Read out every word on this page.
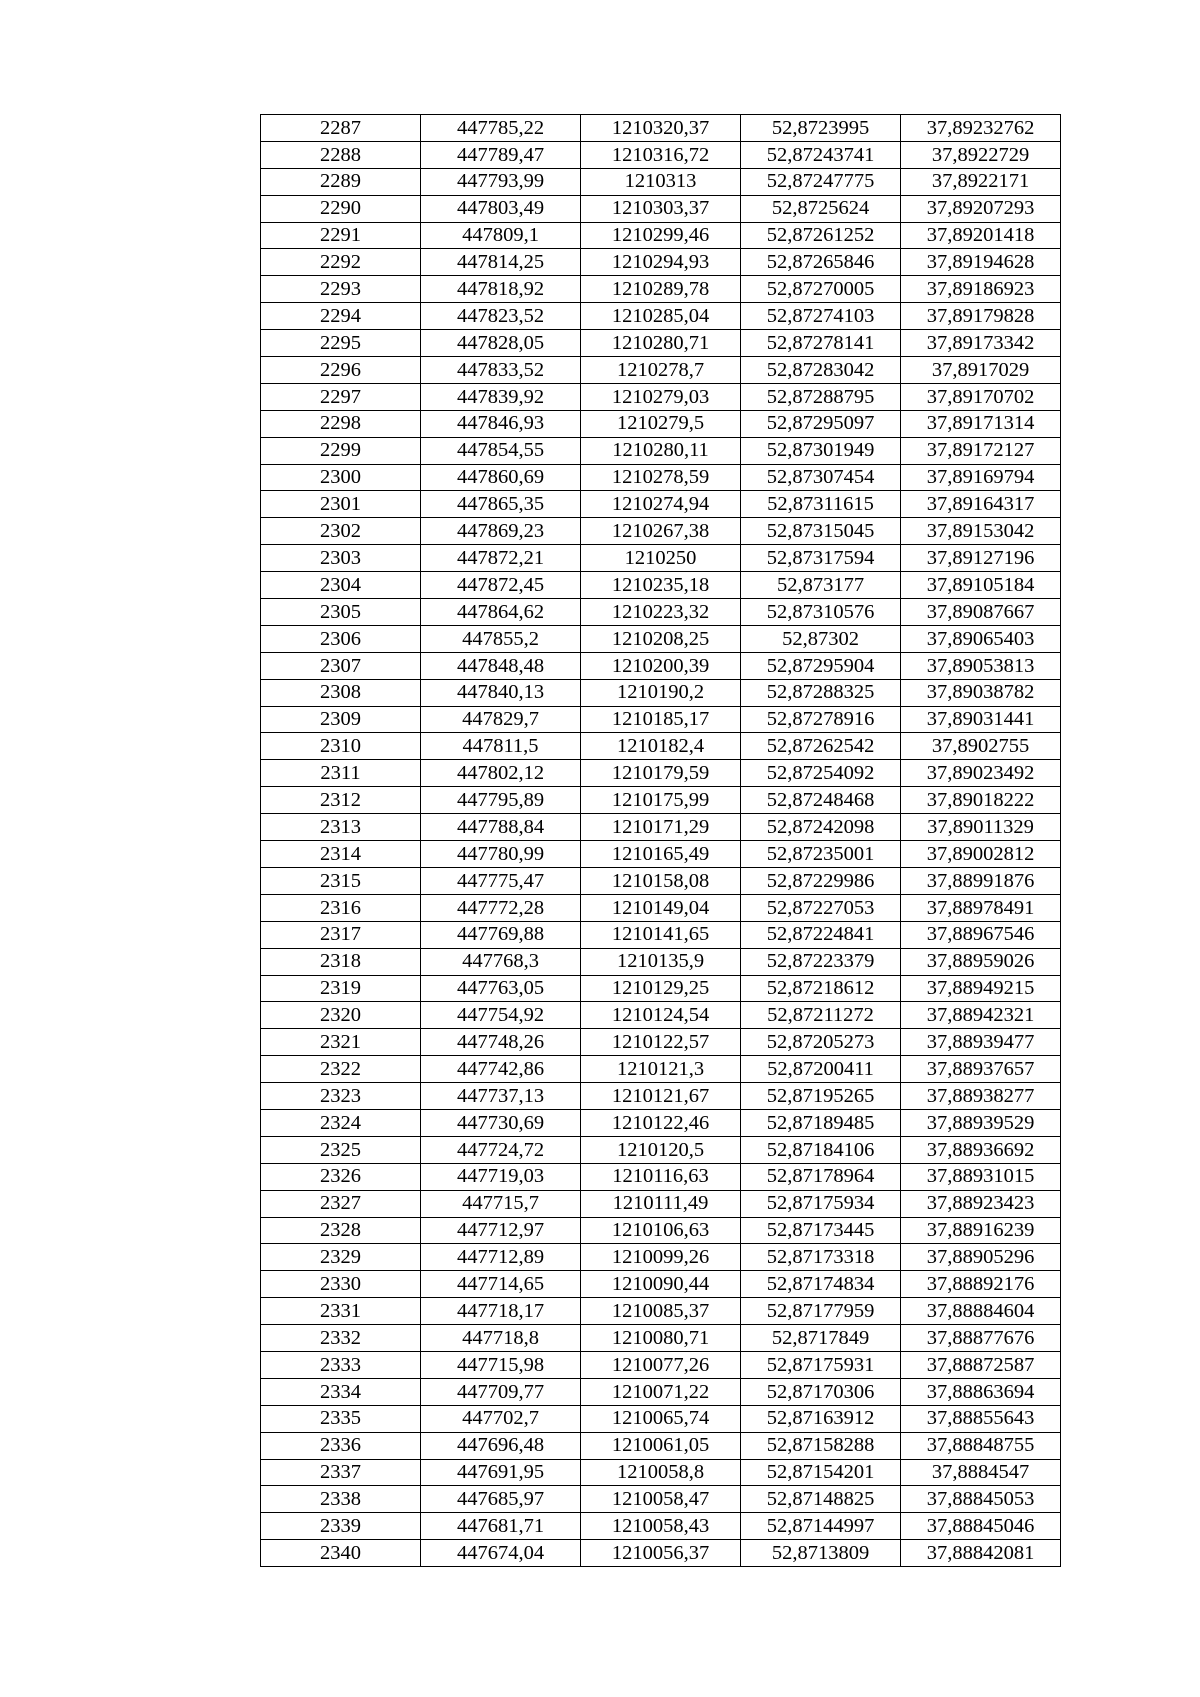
2287	447785,22	1210320,37	52,8723995	37,89232762
2288	447789,47	1210316,72	52,87243741	37,8922729
2289	447793,99	1210313	52,87247775	37,8922171
2290	447803,49	1210303,37	52,8725624	37,89207293
2291	447809,1	1210299,46	52,87261252	37,89201418
2292	447814,25	1210294,93	52,87265846	37,89194628
2293	447818,92	1210289,78	52,87270005	37,89186923
2294	447823,52	1210285,04	52,87274103	37,89179828
2295	447828,05	1210280,71	52,87278141	37,89173342
2296	447833,52	1210278,7	52,87283042	37,8917029
2297	447839,92	1210279,03	52,87288795	37,89170702
2298	447846,93	1210279,5	52,87295097	37,89171314
2299	447854,55	1210280,11	52,87301949	37,89172127
2300	447860,69	1210278,59	52,87307454	37,89169794
2301	447865,35	1210274,94	52,87311615	37,89164317
2302	447869,23	1210267,38	52,87315045	37,89153042
2303	447872,21	1210250	52,87317594	37,89127196
2304	447872,45	1210235,18	52,873177	37,89105184
2305	447864,62	1210223,32	52,87310576	37,89087667
2306	447855,2	1210208,25	52,87302	37,89065403
2307	447848,48	1210200,39	52,87295904	37,89053813
2308	447840,13	1210190,2	52,87288325	37,89038782
2309	447829,7	1210185,17	52,87278916	37,89031441
2310	447811,5	1210182,4	52,87262542	37,8902755
2311	447802,12	1210179,59	52,87254092	37,89023492
2312	447795,89	1210175,99	52,87248468	37,89018222
2313	447788,84	1210171,29	52,87242098	37,89011329
2314	447780,99	1210165,49	52,87235001	37,89002812
2315	447775,47	1210158,08	52,87229986	37,88991876
2316	447772,28	1210149,04	52,87227053	37,88978491
2317	447769,88	1210141,65	52,87224841	37,88967546
2318	447768,3	1210135,9	52,87223379	37,88959026
2319	447763,05	1210129,25	52,87218612	37,88949215
2320	447754,92	1210124,54	52,87211272	37,88942321
2321	447748,26	1210122,57	52,87205273	37,88939477
2322	447742,86	1210121,3	52,87200411	37,88937657
2323	447737,13	1210121,67	52,87195265	37,88938277
2324	447730,69	1210122,46	52,87189485	37,88939529
2325	447724,72	1210120,5	52,87184106	37,88936692
2326	447719,03	1210116,63	52,87178964	37,88931015
2327	447715,7	1210111,49	52,87175934	37,88923423
2328	447712,97	1210106,63	52,87173445	37,88916239
2329	447712,89	1210099,26	52,87173318	37,88905296
2330	447714,65	1210090,44	52,87174834	37,88892176
2331	447718,17	1210085,37	52,87177959	37,88884604
2332	447718,8	1210080,71	52,8717849	37,88877676
2333	447715,98	1210077,26	52,87175931	37,88872587
2334	447709,77	1210071,22	52,87170306	37,88863694
2335	447702,7	1210065,74	52,87163912	37,88855643
2336	447696,48	1210061,05	52,87158288	37,88848755
2337	447691,95	1210058,8	52,87154201	37,8884547
2338	447685,97	1210058,47	52,87148825	37,88845053
2339	447681,71	1210058,43	52,87144997	37,88845046
2340	447674,04	1210056,37	52,8713809	37,88842081
